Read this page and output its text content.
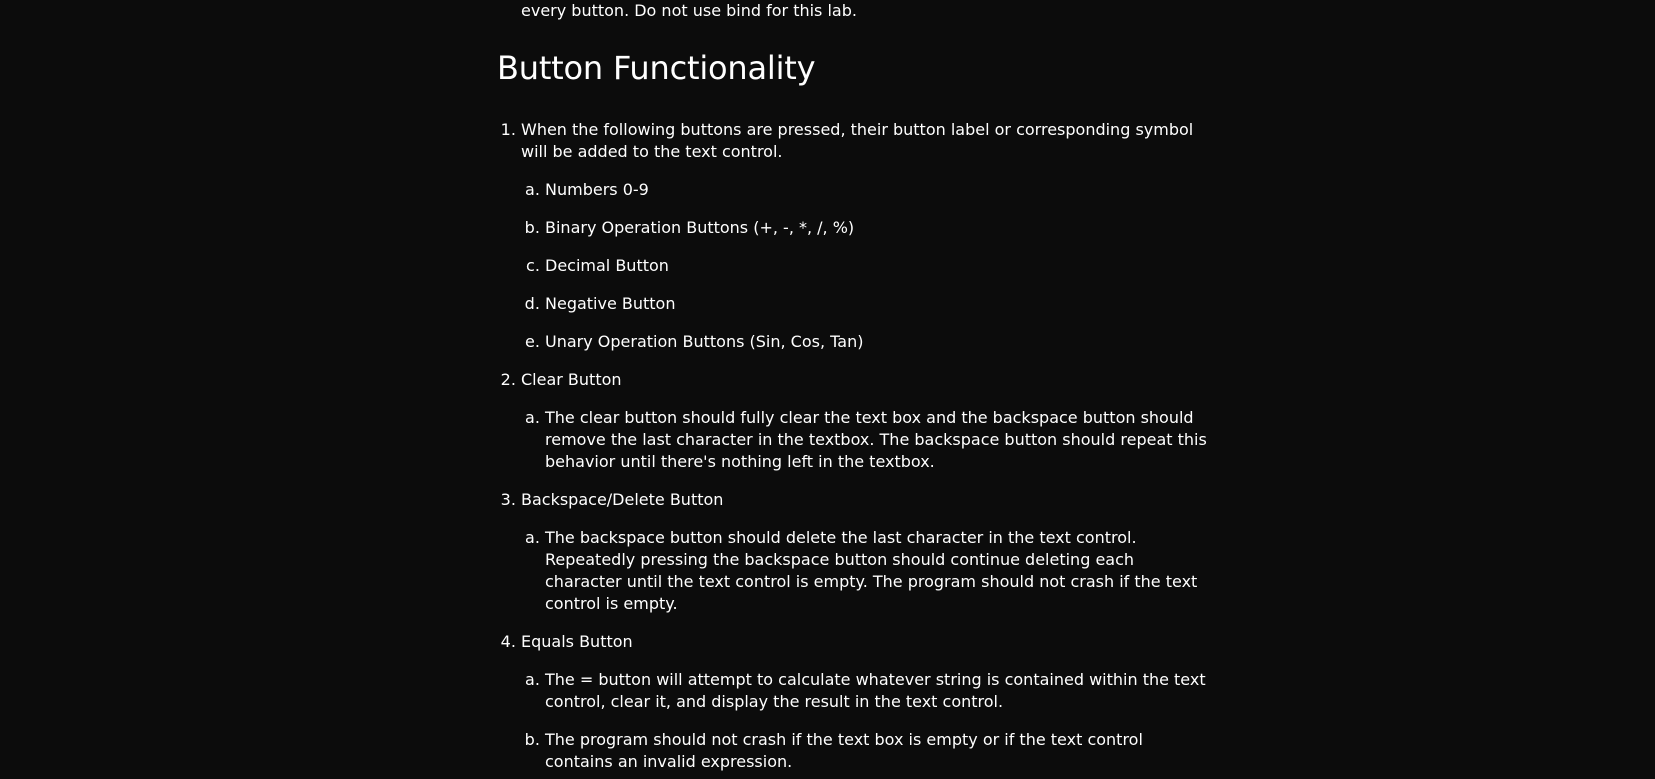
every button. Do not use bind for this lab.
Button Functionality
1. When the following buttons are pressed, their button label or corresponding symbol will be added to the text control.
a. Numbers 0-9
b. Binary Operation Buttons (+, -, *, /, %)
c. Decimal Button
d. Negative Button
e. Unary Operation Buttons (Sin, Cos, Tan)
2. Clear Button
a. The clear button should fully clear the text box and the backspace button should remove the last character in the textbox. The backspace button should repeat this behavior until there's nothing left in the textbox.
3. Backspace/Delete Button
a. The backspace button should delete the last character in the text control. Repeatedly pressing the backspace button should continue deleting each character until the text control is empty. The program should not crash if the text control is empty.
4. Equals Button
a. The = button will attempt to calculate whatever string is contained within the text control, clear it, and display the result in the text control.
b. The program should not crash if the text box is empty or if the text control contains an invalid expression.
